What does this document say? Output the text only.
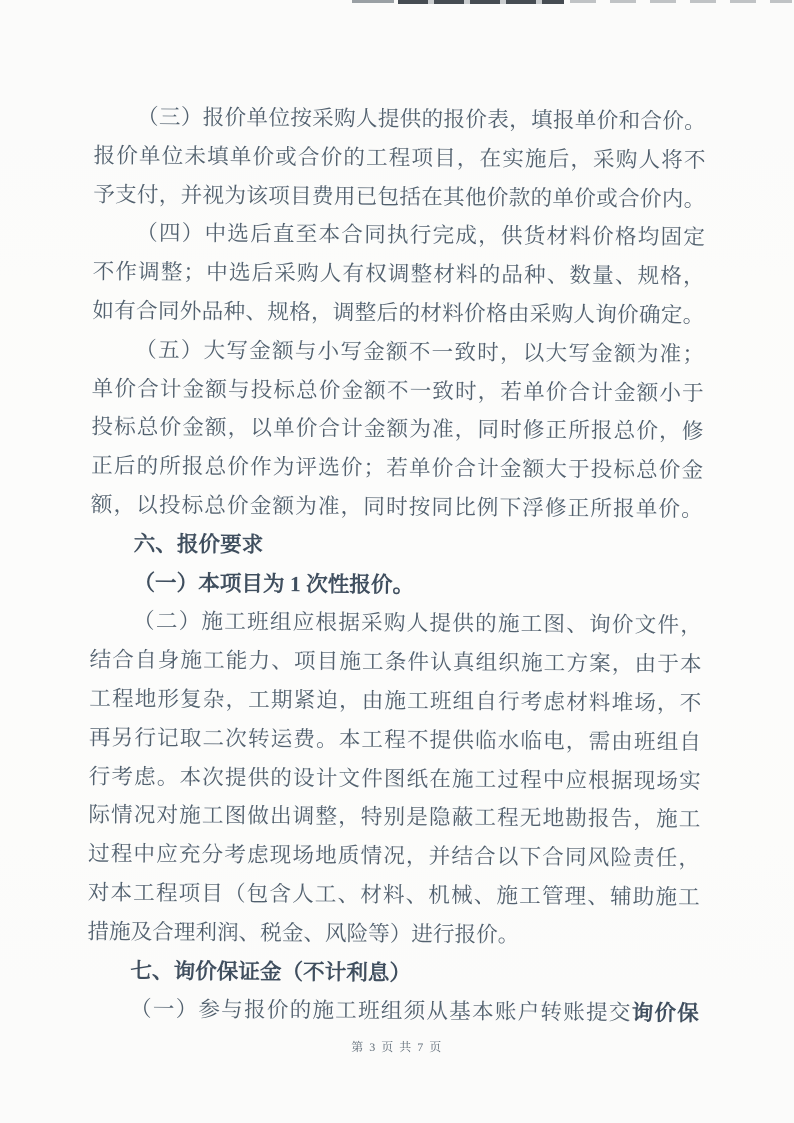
（三）报价单位按采购人提供的报价表，填报单价和合价。
报价单位未填单价或合价的工程项目，在实施后，采购人将不
予支付，并视为该项目费用已包括在其他价款的单价或合价内。
（四）中选后直至本合同执行完成，供货材料价格均固定
不作调整；中选后采购人有权调整材料的品种、数量、规格，
如有合同外品种、规格，调整后的材料价格由采购人询价确定。
（五）大写金额与小写金额不一致时，以大写金额为准；
单价合计金额与投标总价金额不一致时，若单价合计金额小于
投标总价金额，以单价合计金额为准，同时修正所报总价，修
正后的所报总价作为评选价；若单价合计金额大于投标总价金
额，以投标总价金额为准，同时按同比例下浮修正所报单价。
六、报价要求
（一）本项目为 1 次性报价。
（二）施工班组应根据采购人提供的施工图、询价文件，
结合自身施工能力、项目施工条件认真组织施工方案，由于本
工程地形复杂，工期紧迫，由施工班组自行考虑材料堆场，不
再另行记取二次转运费。本工程不提供临水临电，需由班组自
行考虑。本次提供的设计文件图纸在施工过程中应根据现场实
际情况对施工图做出调整，特别是隐蔽工程无地勘报告，施工
过程中应充分考虑现场地质情况，并结合以下合同风险责任，
对本工程项目（包含人工、材料、机械、施工管理、辅助施工
措施及合理利润、税金、风险等）进行报价。
七、询价保证金（不计利息）
（一）参与报价的施工班组须从基本账户转账提交询价保
第 3 页 共 7 页
